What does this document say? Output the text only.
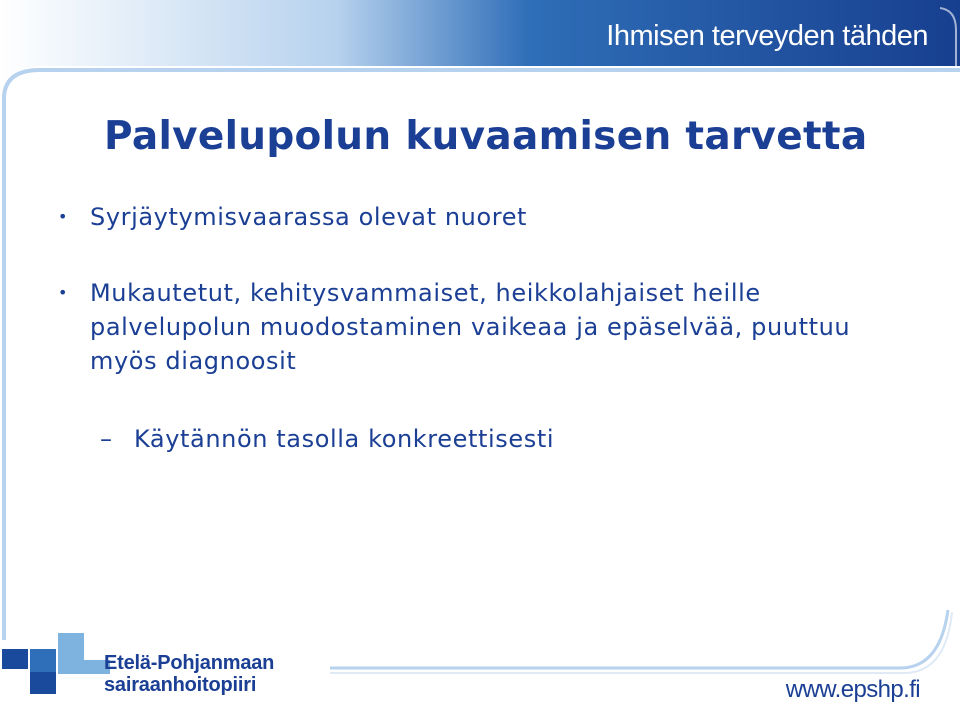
Ihmisen terveyden tähden
Palvelupolun kuvaamisen tarvetta
• Syrjäytymisvaarassa olevat nuoret
• Mukautetut, kehitysvammaiset, heikkolahjaiset heille palvelupolun muodostaminen vaikeaa ja epäselvää, puuttuu myös diagnoosit
– Käytännön tasolla konkreettisesti
Etelä-Pohjanmaan
sairaanhoitopiiri	www.epshp.fi
